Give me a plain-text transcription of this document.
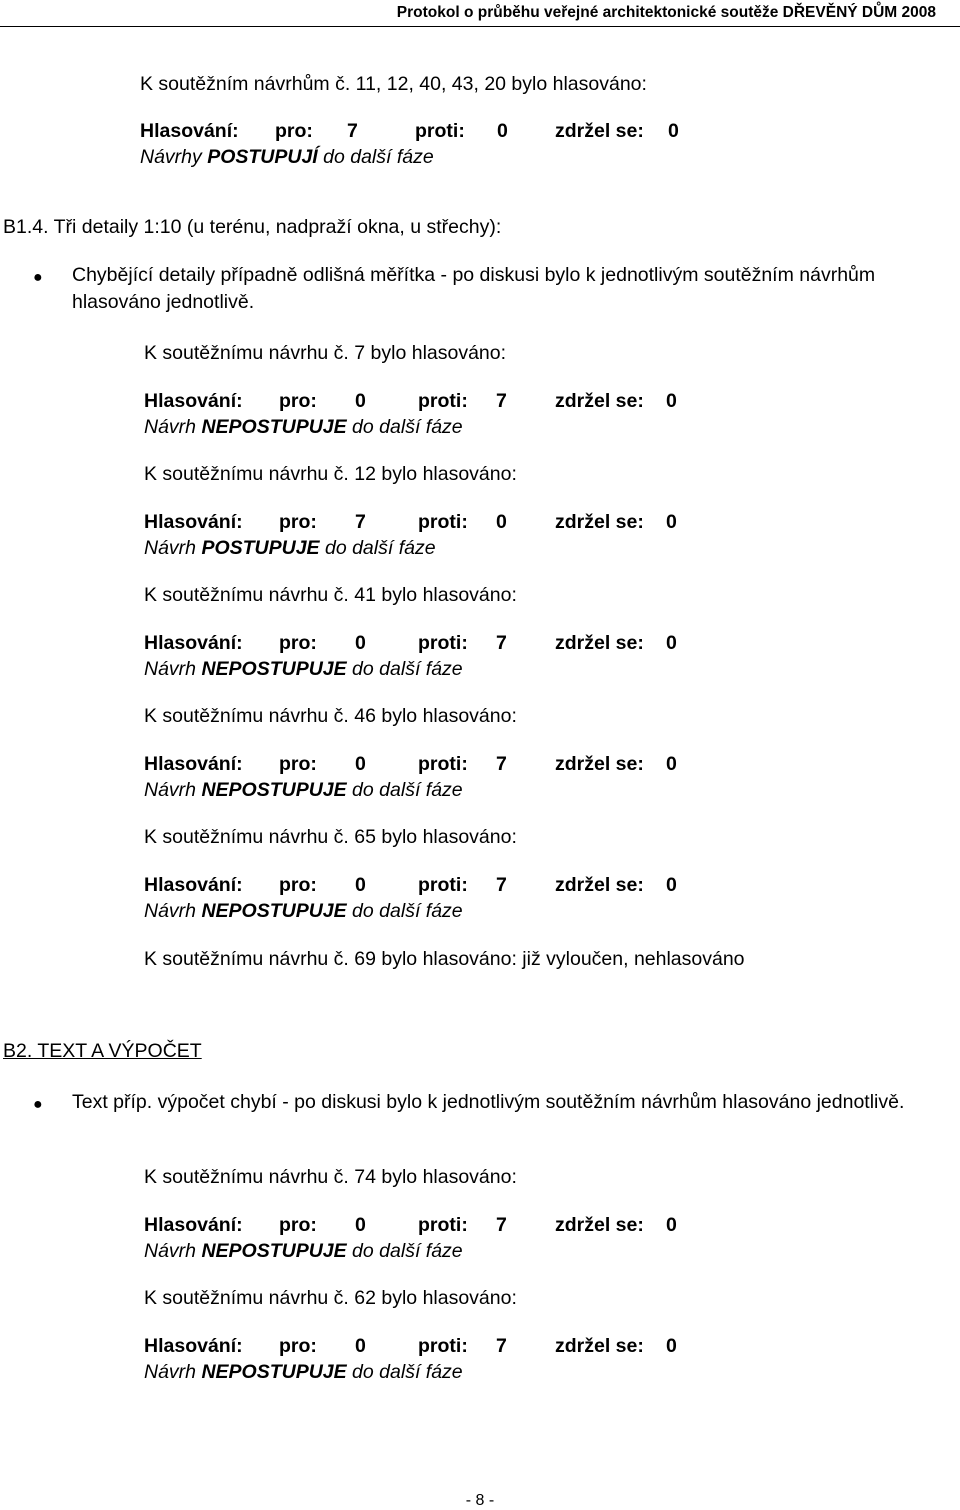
Protokol o průběhu veřejné architektonické soutěže DŘEVĚNÝ DŮM 2008
K soutěžním návrhům č. 11, 12, 40, 43, 20 bylo hlasováno:
Hlasování: pro: 7	proti: 0 zdržel se: 0
Návrhy POSTUPUJÍ do další fáze
B1.4. Tři detaily 1:10 (u terénu, nadpraží okna, u střechy):
● Chybějící detaily případně odlišná měřítka - po diskusi bylo k jednotlivým soutěžním návrhům hlasováno jednotlivě.
K soutěžnímu návrhu č. 7 bylo hlasováno:
Hlasování: pro: 0	proti: 7 zdržel se: 0
Návrh NEPOSTUPUJE do další fáze
K soutěžnímu návrhu č. 12 bylo hlasováno:
Hlasování: pro: 7	proti: 0 zdržel se: 0
Návrh POSTUPUJE do další fáze
K soutěžnímu návrhu č. 41 bylo hlasováno:
Hlasování: pro: 0	proti: 7 zdržel se: 0
Návrh NEPOSTUPUJE do další fáze
K soutěžnímu návrhu č. 46 bylo hlasováno:
Hlasování: pro: 0	proti: 7 zdržel se: 0
Návrh NEPOSTUPUJE do další fáze
K soutěžnímu návrhu č. 65 bylo hlasováno:
Hlasování: pro: 0	proti: 7 zdržel se: 0
Návrh NEPOSTUPUJE do další fáze
K soutěžnímu návrhu č. 69 bylo hlasováno: již vyloučen, nehlasováno
B2. TEXT A VÝPOČET
● Text příp. výpočet chybí - po diskusi bylo k jednotlivým soutěžním návrhům hlasováno jednotlivě.
K soutěžnímu návrhu č. 74 bylo hlasováno:
Hlasování: pro: 0	proti: 7 zdržel se: 0
Návrh NEPOSTUPUJE do další fáze
K soutěžnímu návrhu č. 62 bylo hlasováno:
Hlasování: pro: 0	proti: 7 zdržel se: 0
Návrh NEPOSTUPUJE do další fáze
- 8 -
